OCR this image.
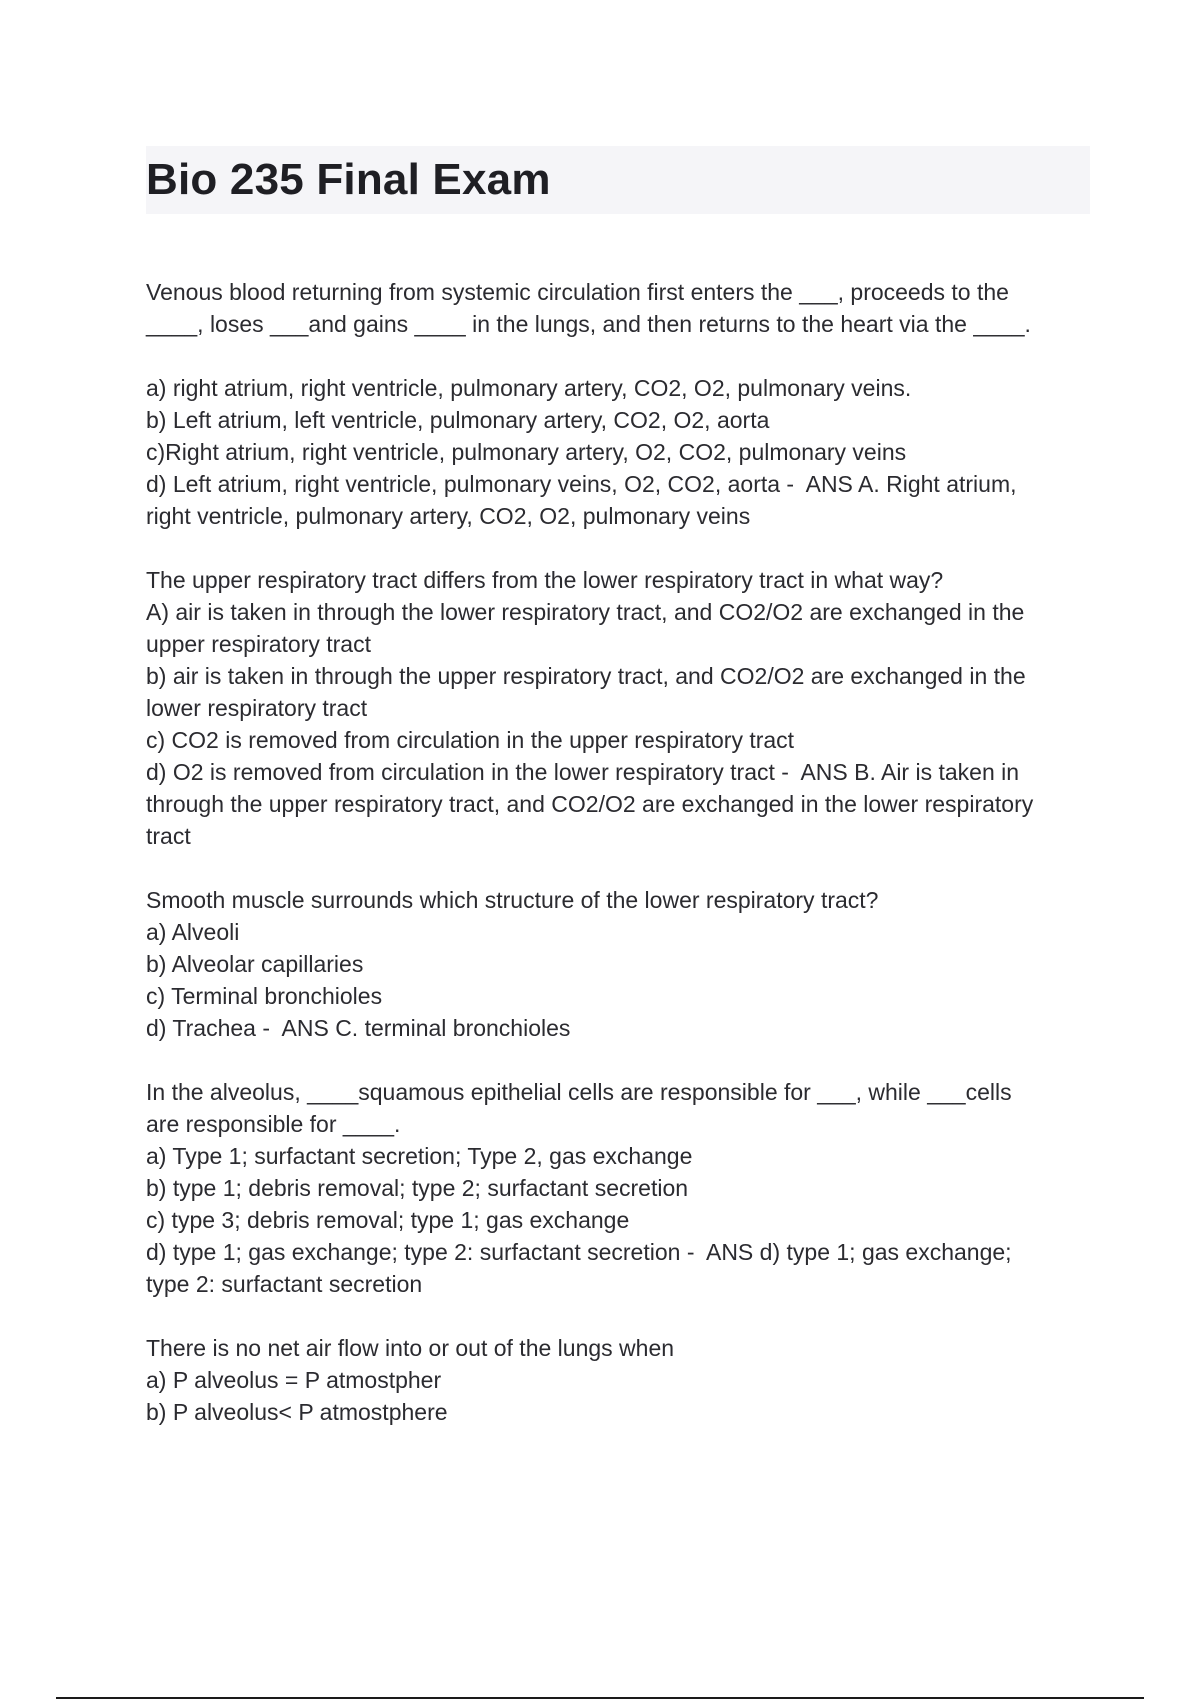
Bio 235 Final Exam
Venous blood returning from systemic circulation first enters the ___, proceeds to the
____, loses ___and gains ____ in the lungs, and then returns to the heart via the ____.

a) right atrium, right ventricle, pulmonary artery, CO2, O2, pulmonary veins.
b) Left atrium, left ventricle, pulmonary artery, CO2, O2, aorta
c)Right atrium, right ventricle, pulmonary artery, O2, CO2, pulmonary veins
d) Left atrium, right ventricle, pulmonary veins, O2, CO2, aorta -  ANS A. Right atrium,
right ventricle, pulmonary artery, CO2, O2, pulmonary veins
The upper respiratory tract differs from the lower respiratory tract in what way?
A) air is taken in through the lower respiratory tract, and CO2/O2 are exchanged in the
upper respiratory tract
b) air is taken in through the upper respiratory tract, and CO2/O2 are exchanged in the
lower respiratory tract
c) CO2 is removed from circulation in the upper respiratory tract
d) O2 is removed from circulation in the lower respiratory tract -  ANS B. Air is taken in
through the upper respiratory tract, and CO2/O2 are exchanged in the lower respiratory
tract
Smooth muscle surrounds which structure of the lower respiratory tract?
a) Alveoli
b) Alveolar capillaries
c) Terminal bronchioles
d) Trachea -  ANS C. terminal bronchioles
In the alveolus, ____squamous epithelial cells are responsible for ___, while ___cells
are responsible for ____.
a) Type 1; surfactant secretion; Type 2, gas exchange
b) type 1; debris removal; type 2; surfactant secretion
c) type 3; debris removal; type 1; gas exchange
d) type 1; gas exchange; type 2: surfactant secretion -  ANS d) type 1; gas exchange;
type 2: surfactant secretion
There is no net air flow into or out of the lungs when
a) P alveolus = P atmostpher
b) P alveolus< P atmostphere
